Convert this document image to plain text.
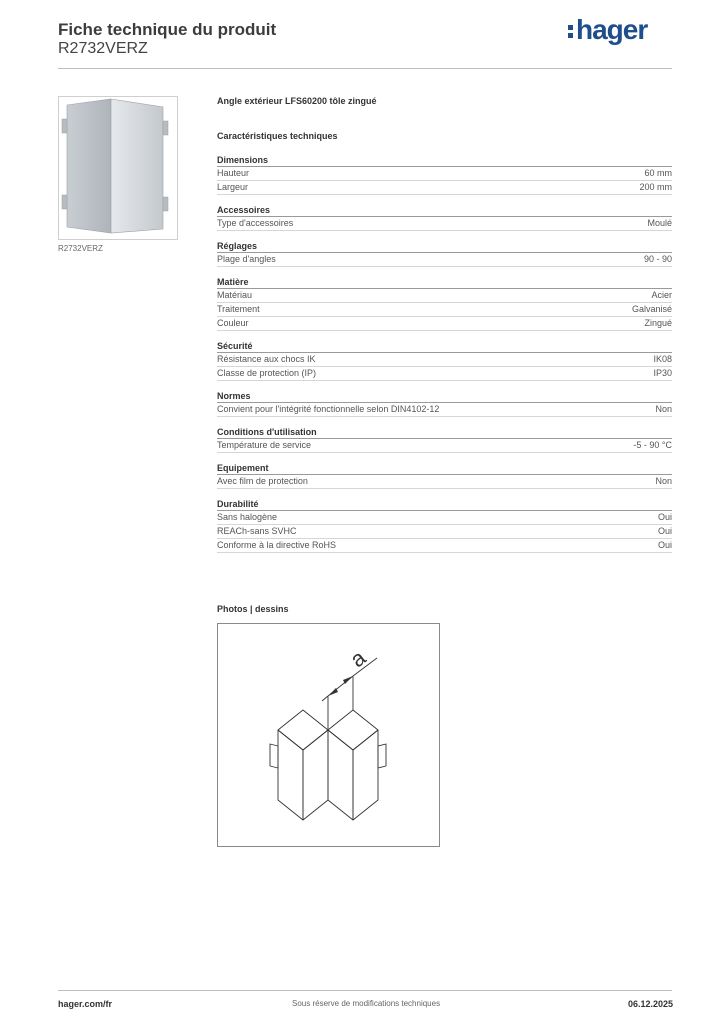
Fiche technique du produit
R2732VERZ
hager
R2732VERZ
Angle extérieur LFS60200 tôle zingué
Caractéristiques techniques
Dimensions
Hauteur	60 mm
Largeur	200 mm
Accessoires
Type d'accessoires	Moulé
Réglages
Plage d'angles	90 - 90
Matière
Matériau	Acier
Traitement	Galvanisé
Couleur	Zingué
Sécurité
Résistance aux chocs IK	IK08
Classe de protection (IP)	IP30
Normes
Convient pour l'intégrité fonctionnelle selon DIN4102-12	Non
Conditions d'utilisation
Température de service	-5 - 90 °C
Equipement
Avec film de protection	Non
Durabilité
Sans halogène	Oui
REACh-sans SVHC	Oui
Conforme à la directive RoHS	Oui
Photos | dessins
a
hager.com/fr	Sous réserve de modifications techniques	06.12.2025
